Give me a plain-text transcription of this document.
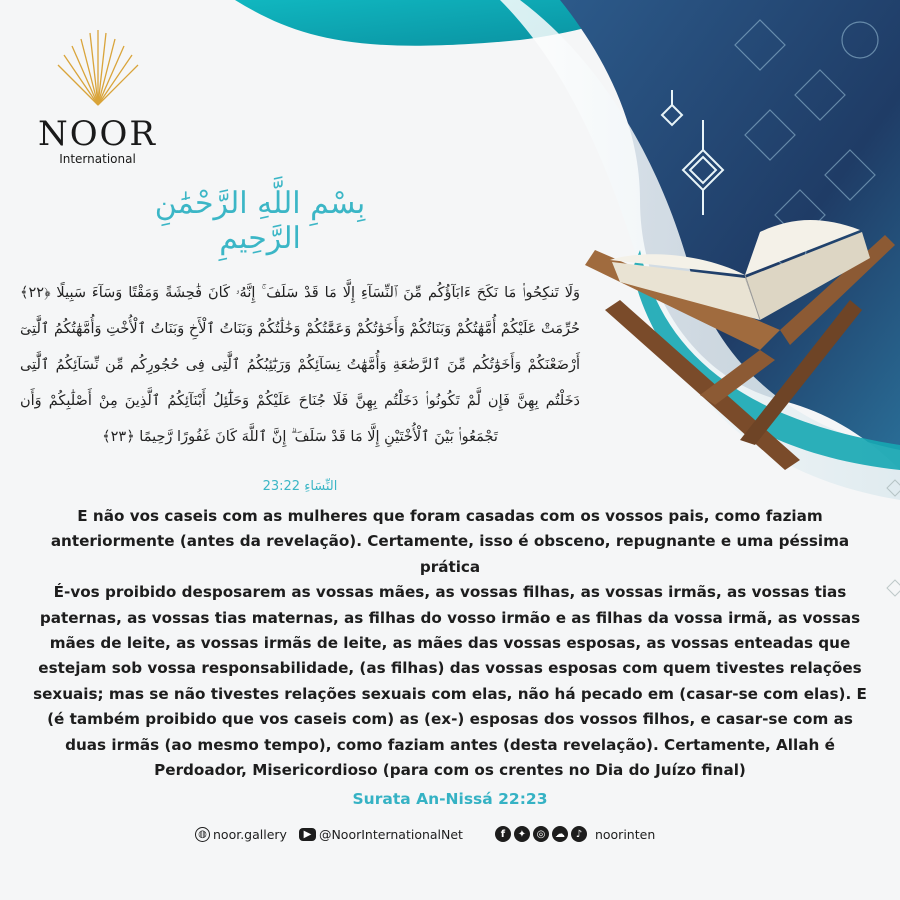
NOOR
International
بِسْمِ اللَّهِ الرَّحْمَٰنِ الرَّحِيمِ
وَلَا تَنكِحُوا۟ مَا نَكَحَ ءَابَآؤُكُم مِّنَ ٱلنِّسَآءِ إِلَّا مَا قَدْ سَلَفَ ۚ إِنَّهُۥ كَانَ فَٰحِشَةً وَمَقْتًا وَسَآءَ سَبِيلًا ﴿٢٢﴾ حُرِّمَتْ عَلَيْكُمْ أُمَّهَٰتُكُمْ وَبَنَاتُكُمْ وَأَخَوَٰتُكُمْ وَعَمَّٰتُكُمْ وَخَٰلَٰتُكُمْ وَبَنَاتُ ٱلْأَخِ وَبَنَاتُ ٱلْأُخْتِ وَأُمَّهَٰتُكُمُ ٱلَّٰتِىٓ أَرْضَعْنَكُمْ وَأَخَوَٰتُكُم مِّنَ ٱلرَّضَٰعَةِ وَأُمَّهَٰتُ نِسَآئِكُمْ وَرَبَٰٓئِبُكُمُ ٱلَّٰتِى فِى حُجُورِكُم مِّن نِّسَآئِكُمُ ٱلَّٰتِى دَخَلْتُم بِهِنَّ فَإِن لَّمْ تَكُونُوا۟ دَخَلْتُم بِهِنَّ فَلَا جُنَاحَ عَلَيْكُمْ وَحَلَٰٓئِلُ أَبْنَآئِكُمُ ٱلَّذِينَ مِنْ أَصْلَٰبِكُمْ وَأَن تَجْمَعُوا۟ بَيْنَ ٱلْأُخْتَيْنِ إِلَّا مَا قَدْ سَلَفَ ۗ إِنَّ ٱللَّهَ كَانَ غَفُورًا رَّحِيمًا ﴿٢٣﴾
النِّسَاءِ 23:22
E não vos caseis com as mulheres que foram casadas com os vossos pais, como faziam anteriormente (antes da revelação). Certamente, isso é obsceno, repugnante e uma péssima prática
É-vos proibido desposarem as vossas mães, as vossas filhas, as vossas irmãs, as vossas tias paternas, as vossas tias maternas, as filhas do vosso irmão e as filhas da vossa irmã, as vossas mães de leite, as vossas irmãs de leite, as mães das vossas esposas, as vossas enteadas que estejam sob vossa responsabilidade, (as filhas) das vossas esposas com quem tivestes relações sexuais; mas se não tivestes relações sexuais com elas, não há pecado em (casar-se com elas). E (é também proibido que vos caseis com) as (ex-) esposas dos vossos filhos, e casar-se com as duas irmãs (ao mesmo tempo), como faziam antes (desta revelação). Certamente, Allah é Perdoador, Misericordioso (para com os crentes no Dia do Juízo final)
Surata An-Nissá 22:23
◍ noor.gallery	▶ @NoorInternationalNet	f	✦	◎ ☁	♪	noorinten
